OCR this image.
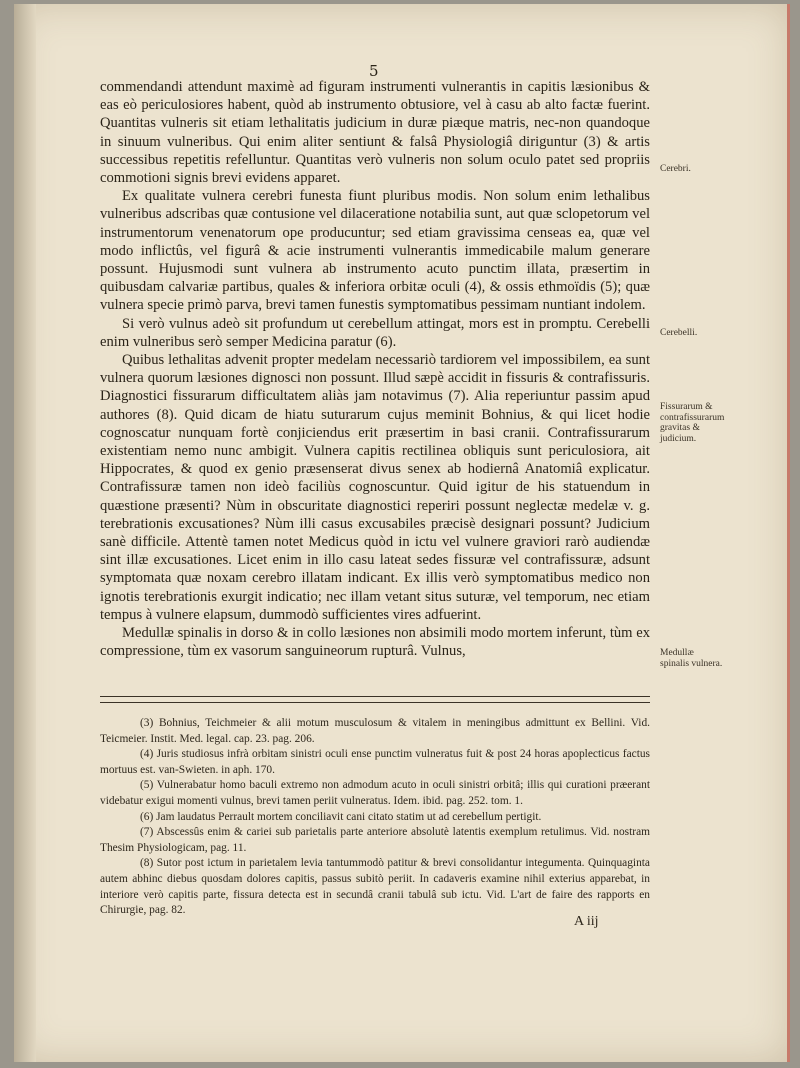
5

commendandi attendunt maximè ad figuram instrumenti vulnerantis in capitis læsionibus & eas eò periculosiores habent, quòd ab instrumento obtusiore, vel à casu ab alto factæ fuerint. Quantitas vulneris sit etiam lethalitatis judicium in duræ piæque matris, nec-non quandoque in sinuum vulneribus. Qui enim aliter sentiunt & falsâ Physiologiâ diriguntur (3) & artis successibus repetitis refelluntur. Quantitas verò vulneris non solum oculo patet sed propriis commotioni signis brevi evidens apparet.

Ex qualitate vulnera cerebri funesta fiunt pluribus modis. Non solum enim lethalibus vulneribus adscribas quæ contusione vel dilaceratione notabilia sunt, aut quæ sclopetorum vel instrumentorum venenatorum ope producuntur; sed etiam gravissima censeas ea, quæ vel modo inflictûs, vel figurâ & acie instrumenti vulnerantis immedicabile malum generare possunt. Hujusmodi sunt vulnera ab instrumento acuto punctim illata, præsertim in quibusdam calvariæ partibus, quales & inferiora orbitæ oculi (4), & ossis ethmoïdis (5); quæ vulnera specie primò parva, brevi tamen funestis symptomatibus pessimam nuntiant indolem.

Si verò vulnus adeò sit profundum ut cerebellum attingat, mors est in promptu. Cerebelli enim vulneribus serò semper Medicina paratur (6).

Quibus lethalitas advenit propter medelam necessariò tardiorem vel impossibilem, ea sunt vulnera quorum læsiones dignosci non possunt. Illud sæpè accidit in fissuris & contrafissuris. Diagnostici fissurarum difficultatem aliàs jam notavimus (7). Alia reperiuntur passim apud authores (8). Quid dicam de hiatu suturarum cujus meminit Bohnius, & qui licet hodie cognoscatur nunquam fortè conjiciendus erit præsertim in basi cranii. Contrafissurarum existentiam nemo nunc ambigit. Vulnera capitis rectilinea obliquis sunt periculosiora, ait Hippocrates, & quod ex genio præsenserat divus senex ab hodiernâ Anatomiâ explicatur. Contrafissuræ tamen non ideò faciliùs cognoscuntur. Quid igitur de his statuendum in quæstione præsenti? Nùm in obscuritate diagnostici reperiri possunt neglectæ medelæ v. g. terebrationis excusationes? Nùm illi casus excusabiles præcisè designari possunt? Judicium sanè difficile. Attentè tamen notet Medicus quòd in ictu vel vulnere graviori rarò audiendæ sint illæ excusationes. Licet enim in illo casu lateat sedes fissuræ vel contrafissuræ, adsunt symptomata quæ noxam cerebro illatam indicant. Ex illis verò symptomatibus medico non ignotis terebrationis exurgit indicatio; nec illam vetant situs suturæ, vel temporum, nec etiam tempus à vulnere elapsum, dummodò sufficientes vires adfuerint.

Medullæ spinalis in dorso & in collo læsiones non absimili modo mortem inferunt, tùm ex compressione, tùm ex vasorum sanguineorum rupturâ. Vulnus,

Cerebri.
Cerebelli.
Fissurarum & contrafissurarum gravitas & judicium.
Medullæ spinalis vulnera.

(3) Bohnius, Teichmeier & alii motum musculosum & vitalem in meningibus admittunt ex Bellini. Vid. Teicmeier. Instit. Med. legal. cap. 23. pag. 206.

(4) Juris studiosus infrà orbitam sinistri oculi ense punctim vulneratus fuit & post 24 horas apoplecticus factus mortuus est. van-Swieten. in aph. 170.

(5) Vulnerabatur homo baculi extremo non admodum acuto in oculi sinistri orbitâ; illis qui curationi præerant videbatur exigui momenti vulnus, brevi tamen periit vulneratus. Idem. ibid. pag. 252. tom. 1.

(6) Jam laudatus Perrault mortem conciliavit cani citato statim ut ad cerebellum pertigit.

(7) Abscessûs enim & cariei sub parietalis parte anteriore absolutè latentis exemplum retulimus. Vid. nostram Thesim Physiologicam, pag. 11.

(8) Sutor post ictum in parietalem levia tantummodò patitur & brevi consolidantur integumenta. Quinquaginta autem abhinc diebus quosdam dolores capitis, passus subitò periit. In cadaveris examine nihil exterius apparebat, in interiore verò capitis parte, fissura detecta est in secundâ cranii tabulâ sub ictu. Vid. L'art de faire des rapports en Chirurgie, pag. 82.

A iij
